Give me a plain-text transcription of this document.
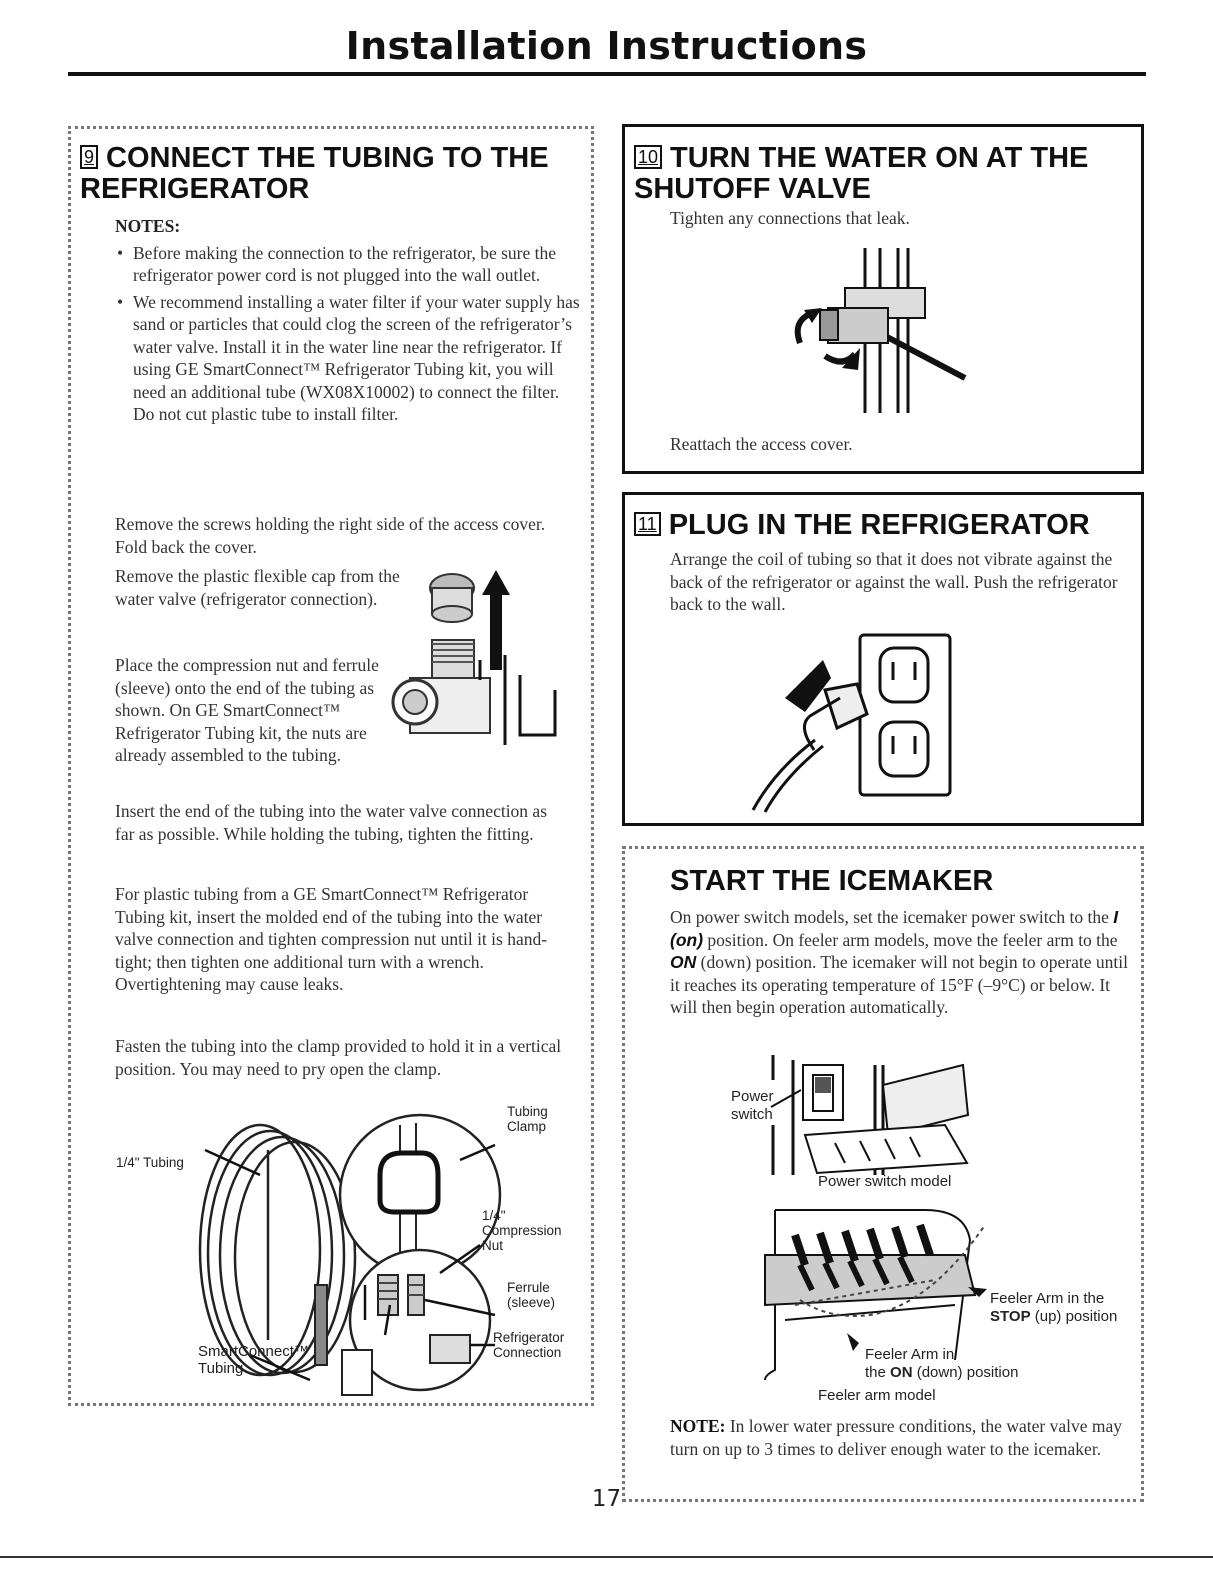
Installation Instructions
9 CONNECT THE TUBING TO THE REFRIGERATOR

NOTES:

• Before making the connection to the refrigerator, be sure the refrigerator power cord is not plugged into the wall outlet.
• We recommend installing a water filter if your water supply has sand or particles that could clog the screen of the refrigerator’s water valve. Install it in the water line near the refrigerator. If using GE SmartConnect™ Refrigerator Tubing kit, you will need an additional tube (WX08X10002) to connect the filter. Do not cut plastic tube to install filter.
Remove the screws holding the right side of the access cover. Fold back the cover.
Remove the plastic flexible cap from the water valve (refrigerator connection).
Place the compression nut and ferrule (sleeve) onto the end of the tubing as shown. On GE SmartConnect™ Refrigerator Tubing kit, the nuts are already assembled to the tubing.
Insert the end of the tubing into the water valve connection as far as possible. While holding the tubing, tighten the fitting.
For plastic tubing from a GE SmartConnect™ Refrigerator Tubing kit, insert the molded end of the tubing into the water valve connection and tighten compression nut until it is hand-tight; then tighten one additional turn with a wrench. Overtightening may cause leaks.
Fasten the tubing into the clamp provided to hold it in a vertical position. You may need to pry open the clamp.
Tubing
Clamp
1/4" Tubing
1/4"
Compression
Nut
Ferrule
(sleeve)
Refrigerator
Connection
SmartConnect™
Tubing
10 TURN THE WATER ON AT THE SHUTOFF VALVE
Tighten any connections that leak.
Reattach the access cover.
11 PLUG IN THE REFRIGERATOR
Arrange the coil of tubing so that it does not vibrate against the back of the refrigerator or against the wall. Push the refrigerator back to the wall.
START THE ICEMAKER
On power switch models, set the icemaker power switch to the I (on) position. On feeler arm models, move the feeler arm to the ON (down) position. The icemaker will not begin to operate until it reaches its operating temperature of 15°F (–9°C) or below. It will then begin operation automatically.
Power
switch
Power switch model
Feeler Arm in the
STOP (up) position
Feeler Arm in
the ON (down) position
Feeler arm model
NOTE: In lower water pressure conditions, the water valve may turn on up to 3 times to deliver enough water to the icemaker.
17
